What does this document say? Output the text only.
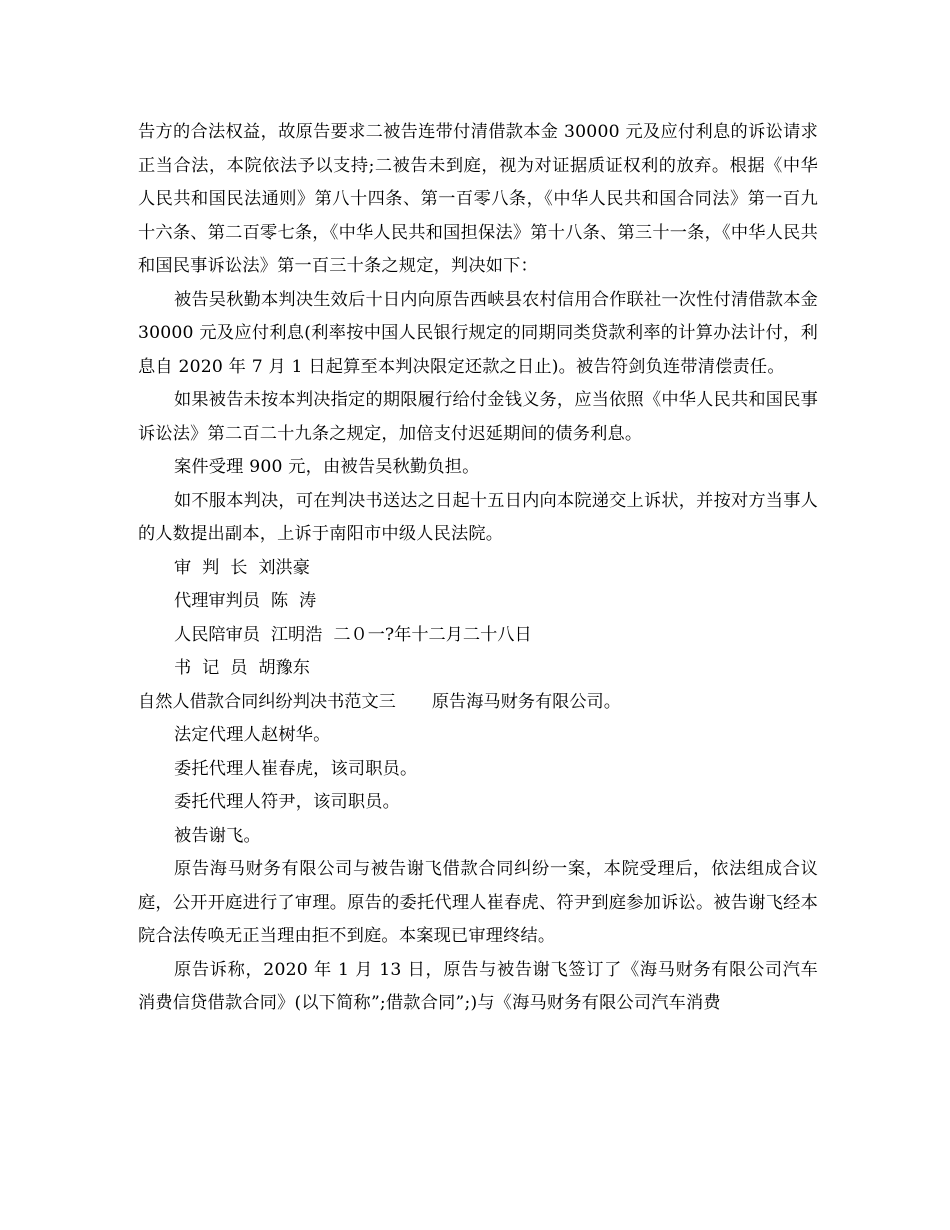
告方的合法权益，故原告要求二被告连带付清借款本金 30000 元及应付利息的诉讼请求正当合法，本院依法予以支持;二被告未到庭，视为对证据质证权利的放弃。根据《中华人民共和国民法通则》第八十四条、第一百零八条，《中华人民共和国合同法》第一百九十六条、第二百零七条，《中华人民共和国担保法》第十八条、第三十一条，《中华人民共和国民事诉讼法》第一百三十条之规定，判决如下：

被告吴秋勤本判决生效后十日内向原告西峡县农村信用合作联社一次性付清借款本金 30000 元及应付利息(利率按中国人民银行规定的同期同类贷款利率的计算办法计付，利息自 2020 年 7 月 1 日起算至本判决限定还款之日止)。被告符剑负连带清偿责任。

如果被告未按本判决指定的期限履行给付金钱义务，应当依照《中华人民共和国民事诉讼法》第二百二十九条之规定，加倍支付迟延期间的债务利息。

案件受理 900 元，由被告吴秋勤负担。

如不服本判决，可在判决书送达之日起十五日内向本院递交上诉状，并按对方当事人的人数提出副本，上诉于南阳市中级人民法院。

审  判  长  刘洪豪

代理审判员  陈  涛

人民陪审员  江明浩  二０一?年十二月二十八日

书  记  员  胡豫东

自然人借款合同纠纷判决书范文三 原告海马财务有限公司。

法定代理人赵树华。

委托代理人崔春虎，该司职员。

委托代理人符尹，该司职员。

被告谢飞。

原告海马财务有限公司与被告谢飞借款合同纠纷一案，本院受理后，依法组成合议庭，公开开庭进行了审理。原告的委托代理人崔春虎、符尹到庭参加诉讼。被告谢飞经本院合法传唤无正当理由拒不到庭。本案现已审理终结。

原告诉称，2020 年 1 月 13 日，原告与被告谢飞签订了《海马财务有限公司汽车消费信贷借款合同》(以下简称”;借款合同”;)与《海马财务有限公司汽车消费
